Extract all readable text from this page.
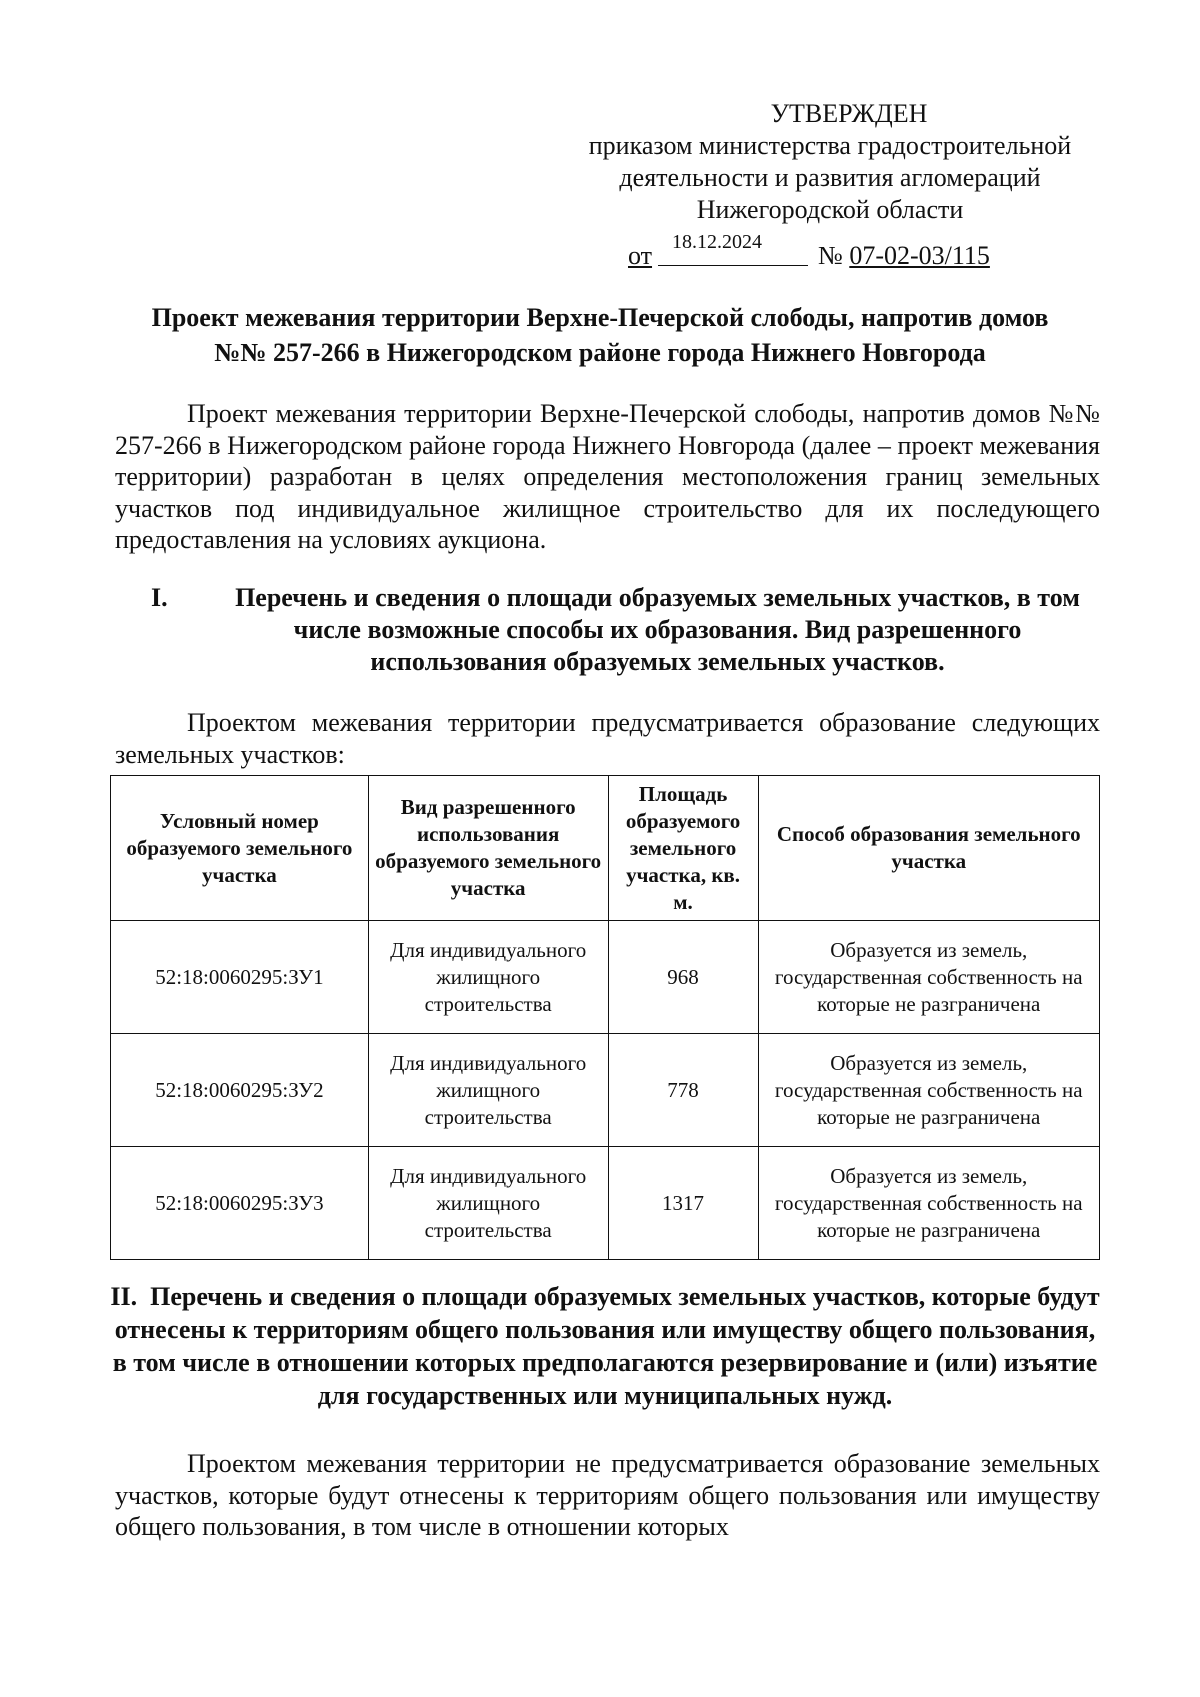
УТВЕРЖДЕН
приказом министерства градостроительной
деятельности и развития агломераций
Нижегородской области
от 18.12.2024 № 07-02-03/115
Проект межевания территории Верхне-Печерской слободы, напротив домов
№№ 257-266 в Нижегородском районе города Нижнего Новгорода
Проект межевания территории Верхне-Печерской слободы, напротив домов №№ 257-266 в Нижегородском районе города Нижнего Новгорода (далее – проект межевания территории) разработан в целях определения местоположения границ земельных участков под индивидуальное жилищное строительство для их последующего предоставления на условиях аукциона.
I.	Перечень и сведения о площади образуемых земельных участков, в том числе возможные способы их образования. Вид разрешенного использования образуемых земельных участков.
Проектом межевания территории предусматривается образование следующих земельных участков:
Условный номер образуемого земельного участка	Вид разрешенного использования образуемого земельного участка	Площадь образуемого земельного участка, кв. м.	Способ образования земельного участка
52:18:0060295:ЗУ1	Для индивидуального жилищного строительства	968	Образуется из земель, государственная собственность на которые не разграничена
52:18:0060295:ЗУ2	Для индивидуального жилищного строительства	778	Образуется из земель, государственная собственность на которые не разграничена
52:18:0060295:ЗУ3	Для индивидуального жилищного строительства	1317	Образуется из земель, государственная собственность на которые не разграничена
II. Перечень и сведения о площади образуемых земельных участков, которые будут отнесены к территориям общего пользования или имуществу общего пользования, в том числе в отношении которых предполагаются резервирование и (или) изъятие для государственных или муниципальных нужд.
Проектом межевания территории не предусматривается образование земельных участков, которые будут отнесены к территориям общего пользования или имуществу общего пользования, в том числе в отношении которых
